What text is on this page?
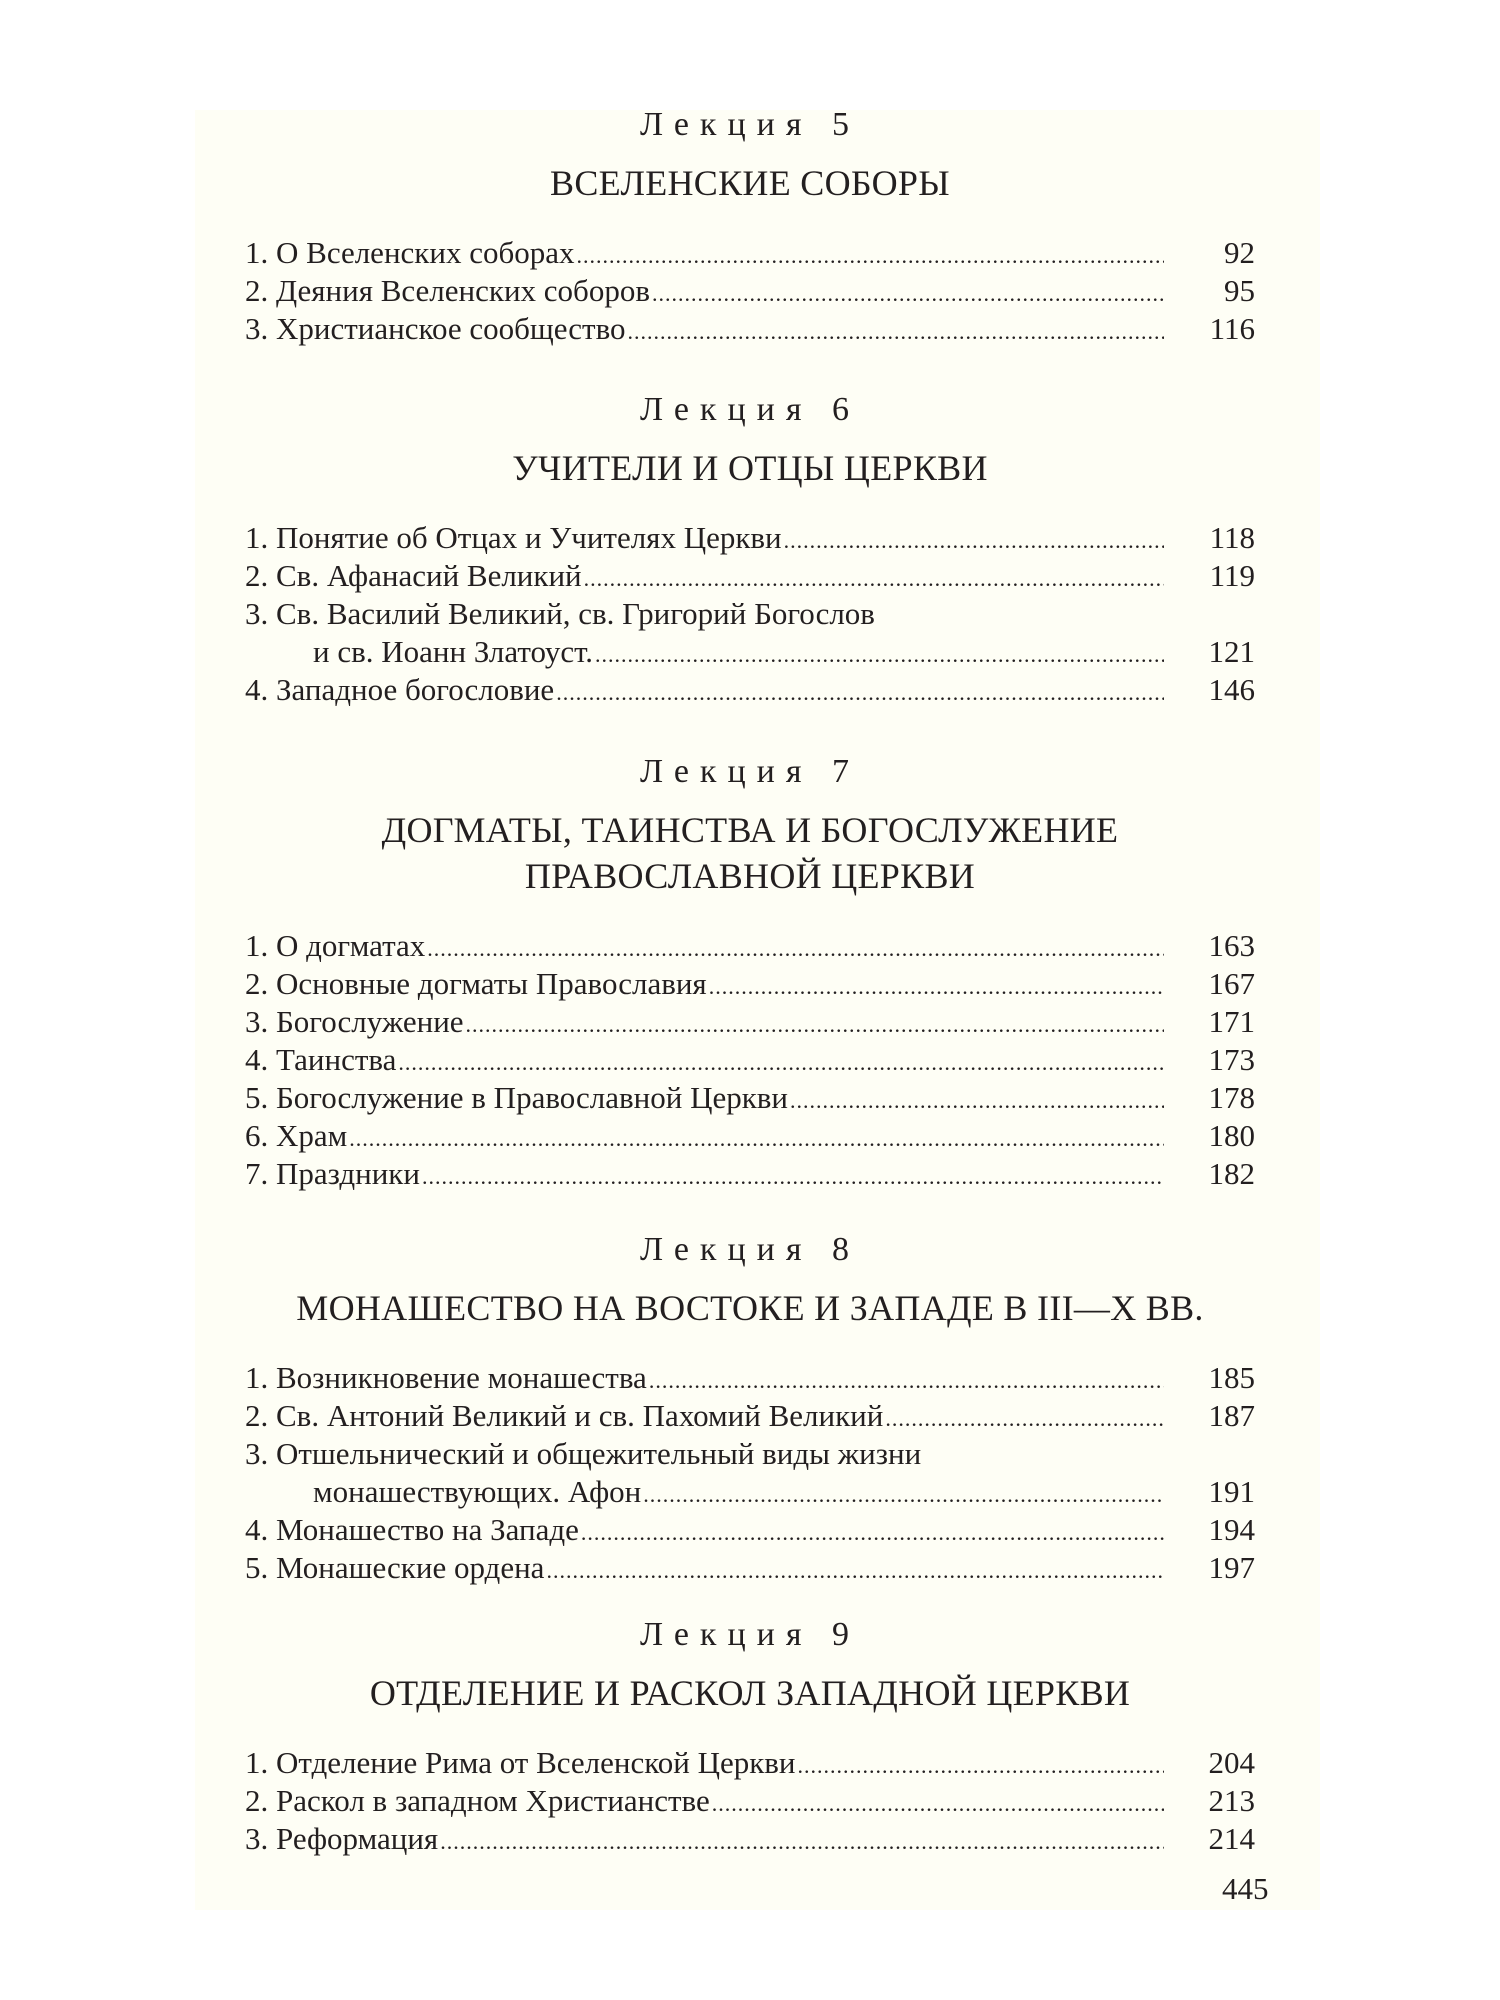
Лекция 5
ВСЕЛЕНСКИЕ СОБОРЫ
1. О Вселенских соборах .....	92
2. Деяния Вселенских соборов .....	95
3. Христианское сообщество .....	116
Лекция 6
УЧИТЕЛИ И ОТЦЫ ЦЕРКВИ
1. Понятие об Отцах и Учителях Церкви .....	118
2. Св. Афанасий Великий .....	119
3. Св. Василий Великий, св. Григорий Богослов
и св. Иоанн Златоуст. .....	121
4. Западное богословие .....	146
Лекция 7
ДОГМАТЫ, ТАИНСТВА И БОГОСЛУЖЕНИЕ
ПРАВОСЛАВНОЙ ЦЕРКВИ
1. О догматах .....	163
2. Основные догматы Православия .....	167
3. Богослужение .....	171
4. Таинства .....	173
5. Богослужение в Православной Церкви .....	178
6. Храм .....	180
7. Праздники .....	182
Лекция 8
МОНАШЕСТВО НА ВОСТОКЕ И ЗАПАДЕ В III—X ВВ.
1. Возникновение монашества .....	185
2. Св. Антоний Великий и св. Пахомий Великий .....	187
3. Отшельнический и общежительный виды жизни
монашествующих. Афон .....	191
4. Монашество на Западе .....	194
5. Монашеские ордена .....	197
Лекция 9
ОТДЕЛЕНИЕ И РАСКОЛ ЗАПАДНОЙ ЦЕРКВИ
1. Отделение Рима от Вселенской Церкви .....	204
2. Раскол в западном Христианстве .....	213
3. Реформация .....	214
445
